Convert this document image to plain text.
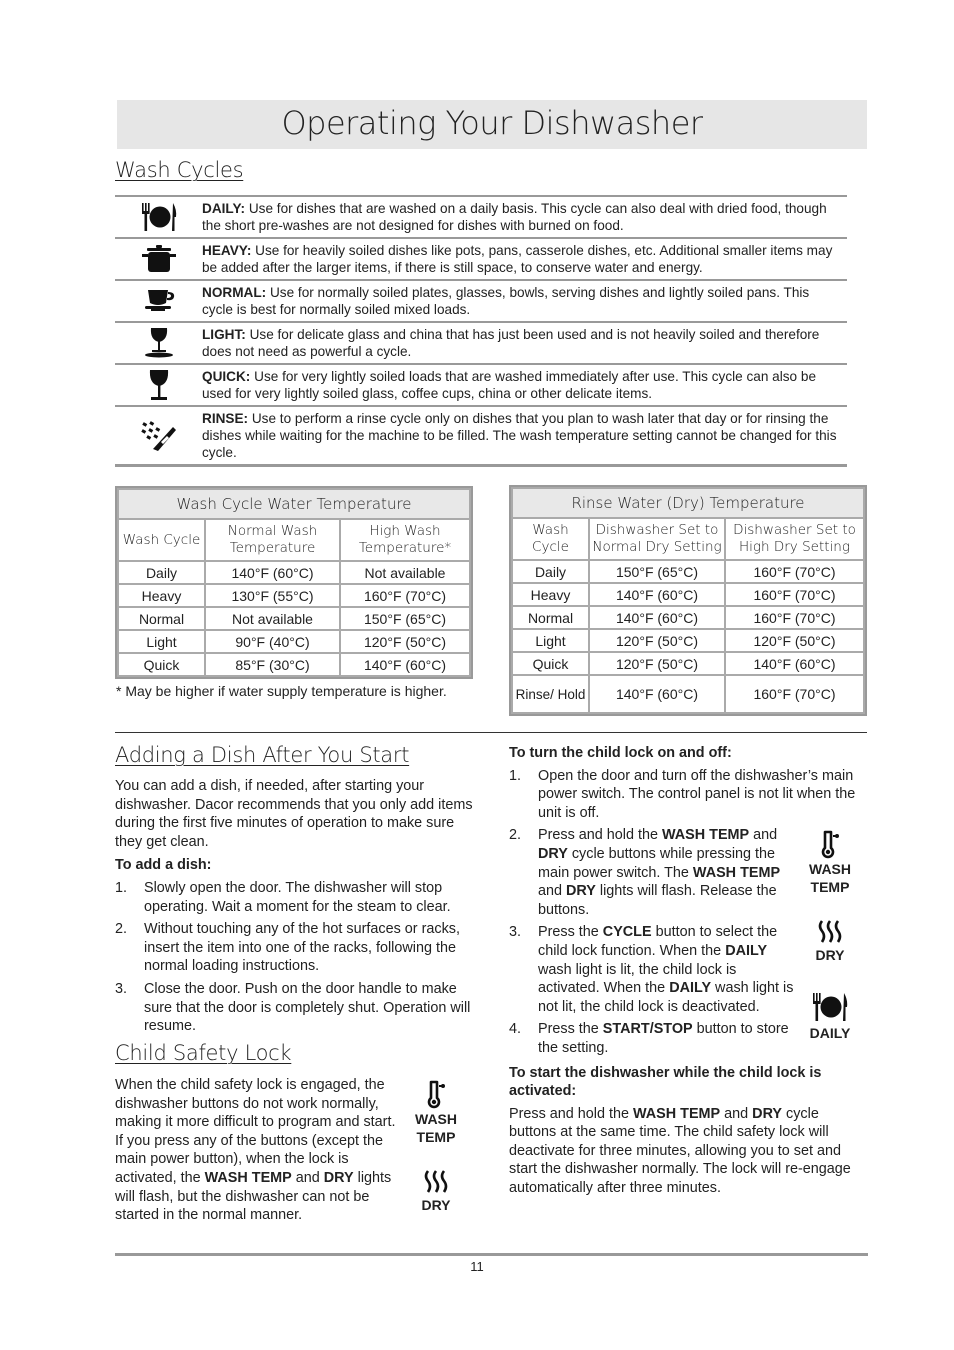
Operating Your Dishwasher
Wash Cycles
DAILY: Use for dishes that are washed on a daily basis. This cycle can also deal with dried food, though the short pre-washes are not designed for dishes with burned on food.
HEAVY: Use for heavily soiled dishes like pots, pans, casserole dishes, etc. Additional smaller items may be added after the larger items, if there is still space, to conserve water and energy.
NORMAL: Use for normally soiled plates, glasses, bowls, serving dishes and lightly soiled pans. This cycle is best for normally soiled mixed loads.
LIGHT: Use for delicate glass and china that has just been used and is not heavily soiled and therefore does not need as powerful a cycle.
QUICK: Use for very lightly soiled loads that are washed immediately after use. This cycle can also be used for very lightly soiled glass, coffee cups, china or other delicate items.
RINSE: Use to perform a rinse cycle only on dishes that you plan to wash later that day or for rinsing the dishes while waiting for the machine to be filled. The wash temperature setting cannot be changed for this cycle.
Wash Cycle Water Temperature		
Wash Cycle	Normal Wash Temperature	High Wash Temperature*
Daily	140°F (60°C)	Not available
Heavy	130°F (55°C)	160°F (70°C)
Normal	Not available	150°F (65°C)
Light	90°F (40°C)	120°F (50°C)
Quick	85°F (30°C)	140°F (60°C)
* May be higher if water supply temperature is higher.
Rinse Water (Dry) Temperature		
Wash Cycle	Dishwasher Set to Normal Dry Setting	Dishwasher Set to High Dry Setting
Daily	150°F (65°C)	160°F (70°C)
Heavy	140°F (60°C)	160°F (70°C)
Normal	140°F (60°C)	160°F (70°C)
Light	120°F (50°C)	120°F (50°C)
Quick	120°F (50°C)	140°F (60°C)
Rinse/ Hold	140°F (60°C)	160°F (70°C)
Adding a Dish After You Start

You can add a dish, if needed, after starting your dishwasher. Dacor recommends that you only add items during the first five minutes of operation to make sure they get clean.

To add a dish:

1.	Slowly open the door. The dishwasher will stop operating. Wait a moment for the steam to clear.
2.	Without touching any of the hot surfaces or racks, insert the item into one of the racks, following the normal loading instructions.
3.	Close the door. Push on the door handle to make sure that the door is completely shut. Operation will resume.
Child Safety Lock

When the child safety lock is engaged, the dishwasher buttons do not work normally, making it more difficult to program and start. If you press any of the buttons (except the main power button), when the lock is activated, the WASH TEMP and DRY lights will flash, but the dishwasher can not be started in the normal manner.

WASH TEMP
DRY

To turn the child lock on and off:

1.	Open the door and turn off the dishwasher’s main power switch. The control panel is not lit when the unit is off.
2.	Press and hold the WASH TEMP and DRY cycle buttons while pressing the main power switch. The WASH TEMP and DRY lights will flash. Release the buttons.
3.	Press the CYCLE button to select the child lock function. When the DAILY wash light is lit, the child lock is activated. When the DAILY wash light is not lit, the child lock is deactivated.
4.	Press the START/STOP button to store the setting.

To start the dishwasher while the child lock is activated:

Press and hold the WASH TEMP and DRY cycle buttons at the same time. The child safety lock will deactivate for three minutes, allowing you to set and start the dishwasher normally. The lock will re-engage automatically after three minutes.

WASH TEMP
DRY
DAILY
11
